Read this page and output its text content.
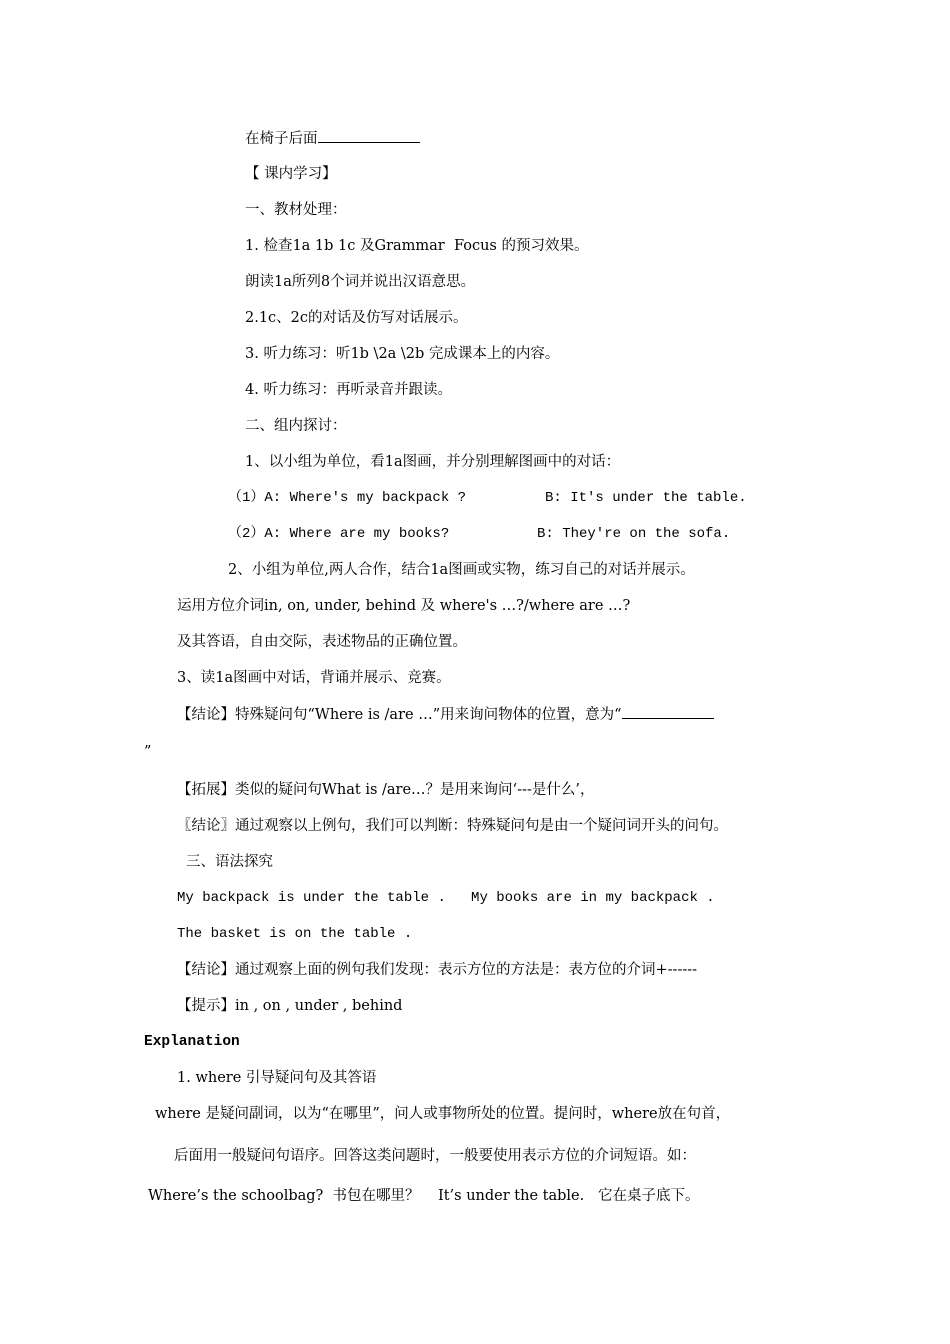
在椅子后面
【 课内学习】
一、教材处理：
1. 检查1a 1b 1c 及Grammar  Focus 的预习效果。
朗读1a所列8个词并说出汉语意思。
2.1c、2c的对话及仿写对话展示。
3. 听力练习：听1b \2a \2b 完成课本上的内容。
4. 听力练习：再听录音并跟读。
二、组内探讨：
1、以小组为单位，看1a图画，并分别理解图画中的对话：
（1）A: Where's my backpack ?	B: It's under the table.
（2）A: Where are my books?	B: They're on the sofa.
2、小组为单位,两人合作，结合1a图画或实物，练习自己的对话并展示。
运用方位介词in, on, under, behind 及 where's …?/where are …?
及其答语，自由交际，表述物品的正确位置。
3、读1a图画中对话，背诵并展示、竞赛。
【结论】特殊疑问句“Where is /are …”用来询问物体的位置，意为“
”
【拓展】类似的疑问句What is /are…？是用来询问‘---是什么’，
〖结论〗通过观察以上例句，我们可以判断：特殊疑问句是由一个疑问词开头的问句。
三、语法探究
My backpack is under the table .   My books are in my backpack .
The basket is on the table .
【结论】通过观察上面的例句我们发现：表示方位的方法是：表方位的介词+------
【提示】in , on , under , behind
Explanation
1. where 引导疑问句及其答语
where 是疑问副词，以为“在哪里”，问人或事物所处的位置。提问时，where放在句首，
后面用一般疑问句语序。回答这类问题时，一般要使用表示方位的介词短语。如：
Where’s the schoolbag?  书包在哪里？    It’s under the table.   它在桌子底下。
